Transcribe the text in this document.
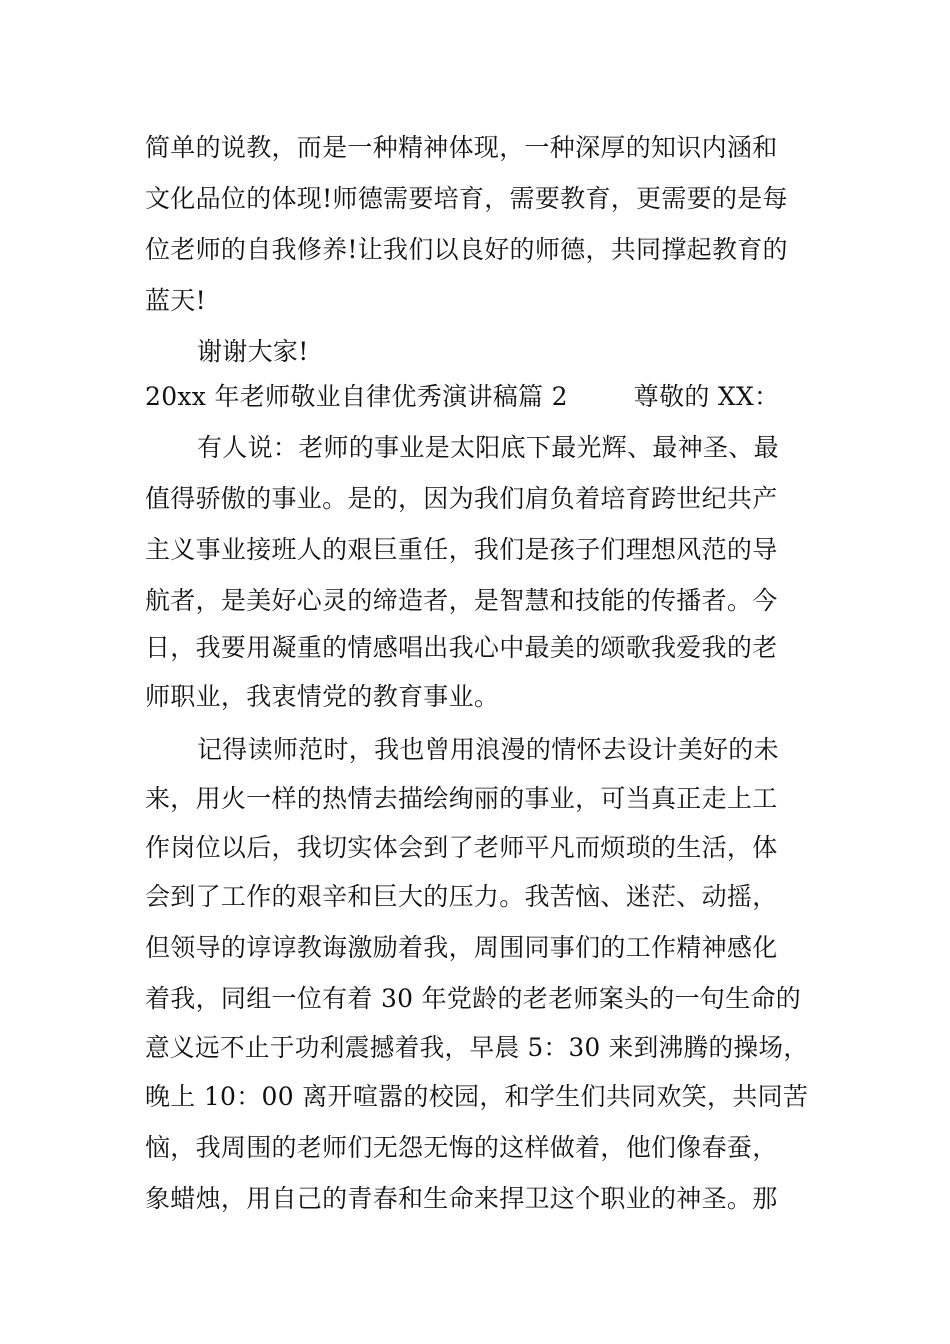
简单的说教，而是一种精神体现，一种深厚的知识内涵和
文化品位的体现!师德需要培育，需要教育，更需要的是每
位老师的自我修养!让我们以良好的师德，共同撑起教育的
蓝天!
谢谢大家!
20xx 年老师敬业自律优秀演讲稿篇 2        尊敬的 XX：
有人说：老师的事业是太阳底下最光辉、最神圣、最
值得骄傲的事业。是的，因为我们肩负着培育跨世纪共产
主义事业接班人的艰巨重任，我们是孩子们理想风范的导
航者，是美好心灵的缔造者，是智慧和技能的传播者。今
日，我要用凝重的情感唱出我心中最美的颂歌我爱我的老
师职业，我衷情党的教育事业。
记得读师范时，我也曾用浪漫的情怀去设计美好的未
来，用火一样的热情去描绘绚丽的事业，可当真正走上工
作岗位以后，我切实体会到了老师平凡而烦琐的生活，体
会到了工作的艰辛和巨大的压力。我苦恼、迷茫、动摇，
但领导的谆谆教诲激励着我，周围同事们的工作精神感化
着我，同组一位有着 30 年党龄的老老师案头的一句生命的
意义远不止于功利震撼着我，早晨 5：30 来到沸腾的操场，
晚上 10：00 离开喧嚣的校园，和学生们共同欢笑，共同苦
恼，我周围的老师们无怨无悔的这样做着，他们像春蚕，
象蜡烛，用自己的青春和生命来捍卫这个职业的神圣。那
